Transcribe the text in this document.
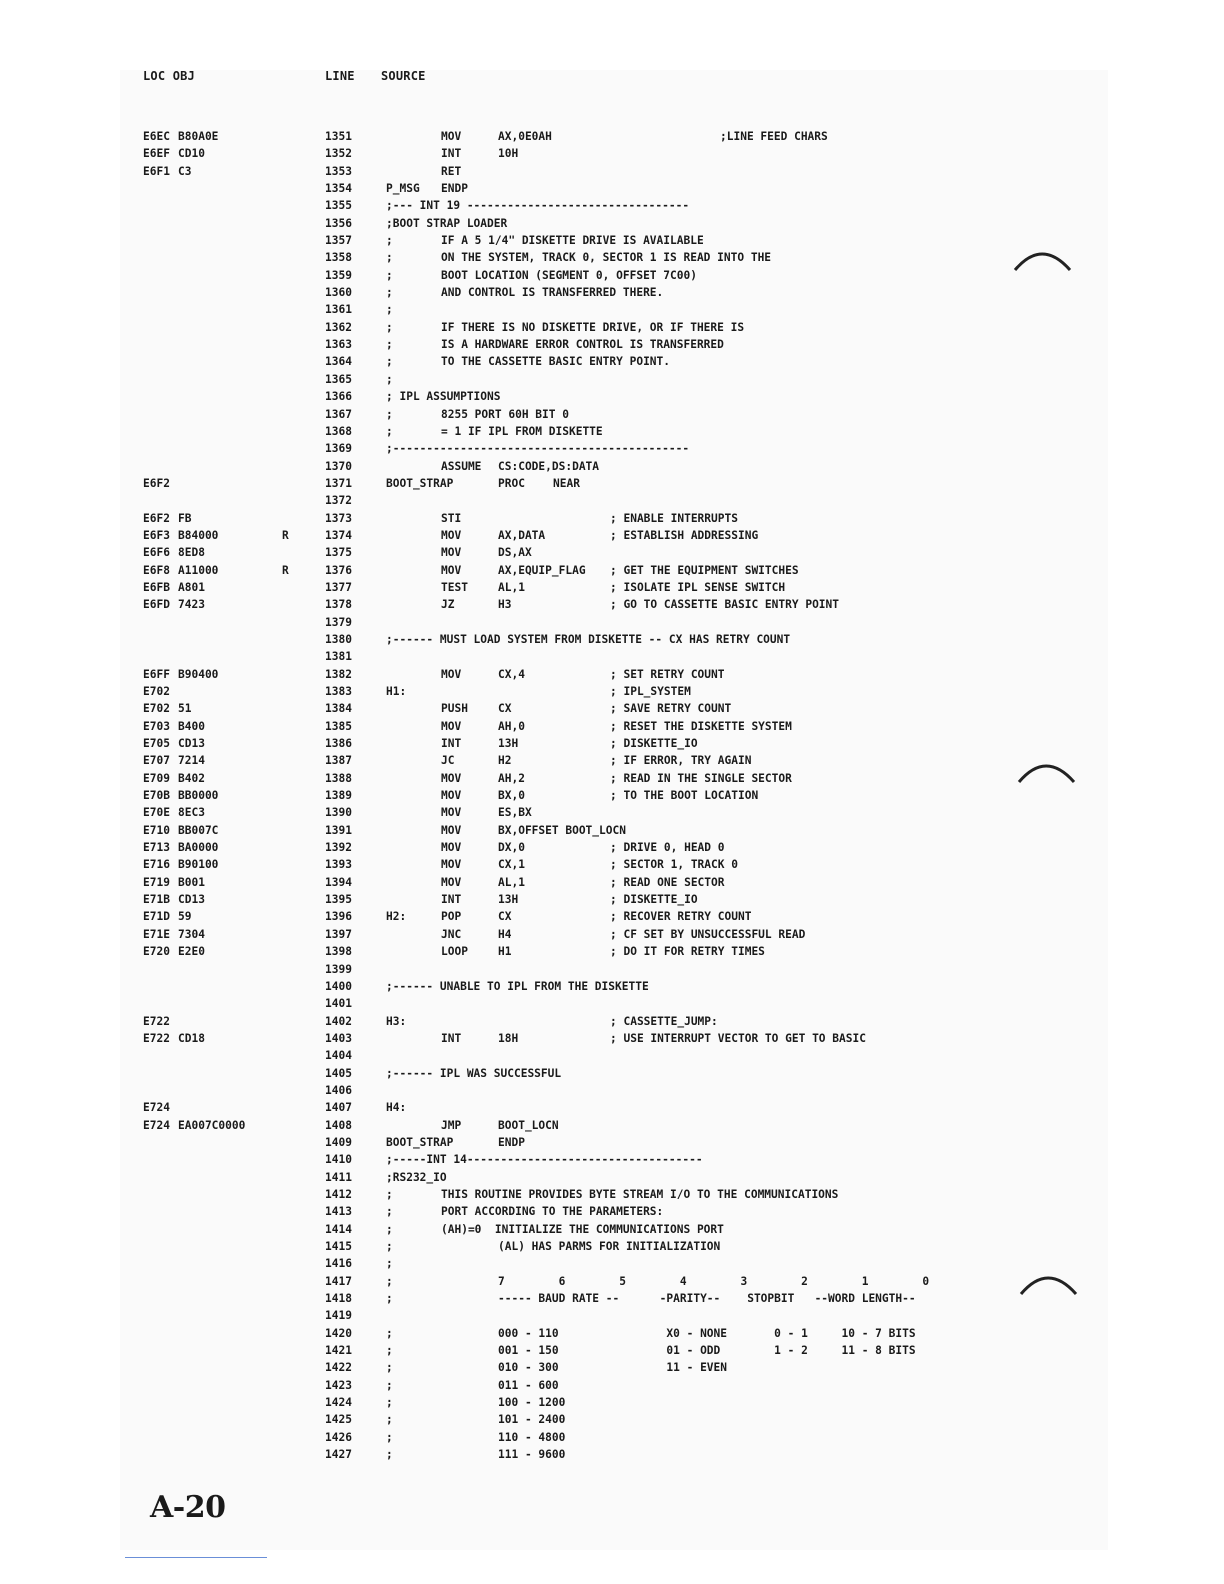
LOC OBJ	LINE SOURCE
E6EC B80A0E	1351	MOV	AX,0E0AH	;LINE FEED CHARS
E6EF CD10	1352	INT	10H
E6F1 C3	1353	RET
1354	P_MSG ENDP
1355	;--- INT 19 ---------------------------------
1356	;BOOT STRAP LOADER
1357	;	IF A 5 1/4" DISKETTE DRIVE IS AVAILABLE
1358	;	ON THE SYSTEM, TRACK 0, SECTOR 1 IS READ INTO THE
1359	;	BOOT LOCATION (SEGMENT 0, OFFSET 7C00)
1360	;	AND CONTROL IS TRANSFERRED THERE.
1361	;
1362	;	IF THERE IS NO DISKETTE DRIVE, OR IF THERE IS
1363	;	IS A HARDWARE ERROR CONTROL IS TRANSFERRED
1364	;	TO THE CASSETTE BASIC ENTRY POINT.
1365	;
1366	; IPL ASSUMPTIONS
1367	;	8255 PORT 60H BIT 0
1368	;	= 1 IF IPL FROM DISKETTE
1369	;--------------------------------------------
1370	ASSUME CS:CODE,DS:DATA
E6F2	1371	BOOT_STRAP	PROC	NEAR
1372
E6F2 FB	1373	STI	; ENABLE INTERRUPTS
E6F3 B84000	R	1374	MOV	AX,DATA	; ESTABLISH ADDRESSING
E6F6 8ED8	1375	MOV	DS,AX
E6F8 A11000	R	1376	MOV	AX,EQUIP_FLAG ; GET THE EQUIPMENT SWITCHES
E6FB A801	1377	TEST	AL,1	; ISOLATE IPL SENSE SWITCH
E6FD 7423	1378	JZ	H3	; GO TO CASSETTE BASIC ENTRY POINT
1379
1380	;------ MUST LOAD SYSTEM FROM DISKETTE -- CX HAS RETRY COUNT
1381
E6FF B90400	1382	MOV	CX,4	; SET RETRY COUNT
E702	1383	H1:	; IPL_SYSTEM
E702 51	1384	PUSH	CX	; SAVE RETRY COUNT
E703 B400	1385	MOV	AH,0	; RESET THE DISKETTE SYSTEM
E705 CD13	1386	INT	13H	; DISKETTE_IO
E707 7214	1387	JC	H2	; IF ERROR, TRY AGAIN
E709 B402	1388	MOV	AH,2	; READ IN THE SINGLE SECTOR
E70B BB0000	1389	MOV	BX,0	; TO THE BOOT LOCATION
E70E 8EC3	1390	MOV	ES,BX
E710 BB007C	1391	MOV	BX,OFFSET BOOT_LOCN
E713 BA0000	1392	MOV	DX,0	; DRIVE 0, HEAD 0
E716 B90100	1393	MOV	CX,1	; SECTOR 1, TRACK 0
E719 B001	1394	MOV	AL,1	; READ ONE SECTOR
E71B CD13	1395	INT	13H	; DISKETTE_IO
E71D 59	1396	H2:	POP	CX	; RECOVER RETRY COUNT
E71E 7304	1397	JNC	H4	; CF SET BY UNSUCCESSFUL READ
E720 E2E0	1398	LOOP	H1	; DO IT FOR RETRY TIMES
1399
1400	;------ UNABLE TO IPL FROM THE DISKETTE
1401
E722	1402	H3:	; CASSETTE_JUMP:
E722 CD18	1403	INT	18H	; USE INTERRUPT VECTOR TO GET TO BASIC
1404
1405	;------ IPL WAS SUCCESSFUL
1406
E724	1407	H4:
E724 EA007C0000	1408	JMP	BOOT_LOCN
1409	BOOT_STRAP	ENDP
1410	;-----INT 14-----------------------------------
1411	;RS232_IO
1412	;	THIS ROUTINE PROVIDES BYTE STREAM I/O TO THE COMMUNICATIONS
1413	;	PORT ACCORDING TO THE PARAMETERS:
1414	;	(AH)=0  INITIALIZE THE COMMUNICATIONS PORT
1415	;	(AL) HAS PARMS FOR INITIALIZATION
1416	;
1417	;	7        6        5        4        3        2        1        0
1418	;	----- BAUD RATE --      -PARITY--    STOPBIT   --WORD LENGTH--
1419
1420	;	000 - 110                X0 - NONE       0 - 1     10 - 7 BITS
1421	;	001 - 150                01 - ODD        1 - 2     11 - 8 BITS
1422	;	010 - 300                11 - EVEN
1423	;	011 - 600
1424	;	100 - 1200
1425	;	101 - 2400
1426	;	110 - 4800
1427	;	111 - 9600
A-20
